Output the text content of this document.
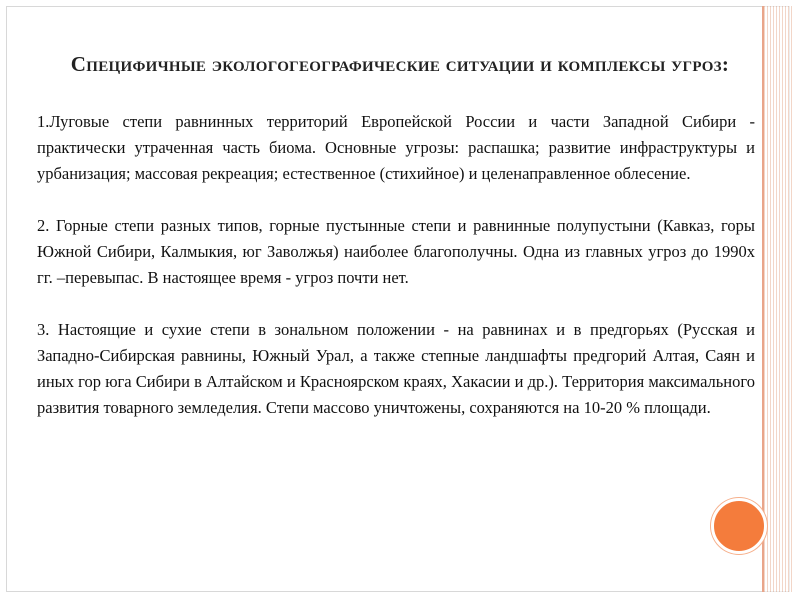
Специфичные экологогеографические ситуации и комплексы угроз:

1.Луговые степи равнинных территорий Европейской России и части Западной Сибири - практически утраченная часть биома. Основные угрозы: распашка; развитие инфраструктуры и урбанизация; массовая рекреация; естественное (стихийное) и целенаправленное облесение.

2. Горные степи разных типов, горные пустынные степи и равнинные полупустыни (Кавказ, горы Южной Сибири, Калмыкия, юг Заволжья) наиболее благополучны. Одна из главных угроз до 1990х гг. –перевыпас. В настоящее время - угроз почти нет.

3. Настоящие и сухие степи в зональном положении - на равнинах и в предгорьях (Русская и Западно-Сибирская равнины, Южный Урал, а также степные ландшафты предгорий Алтая, Саян и иных гор юга Сибири в Алтайском и Красноярском краях, Хакасии и др.). Территория максимального развития товарного земледелия. Степи массово уничтожены, сохраняются на 10-20 % площади.
